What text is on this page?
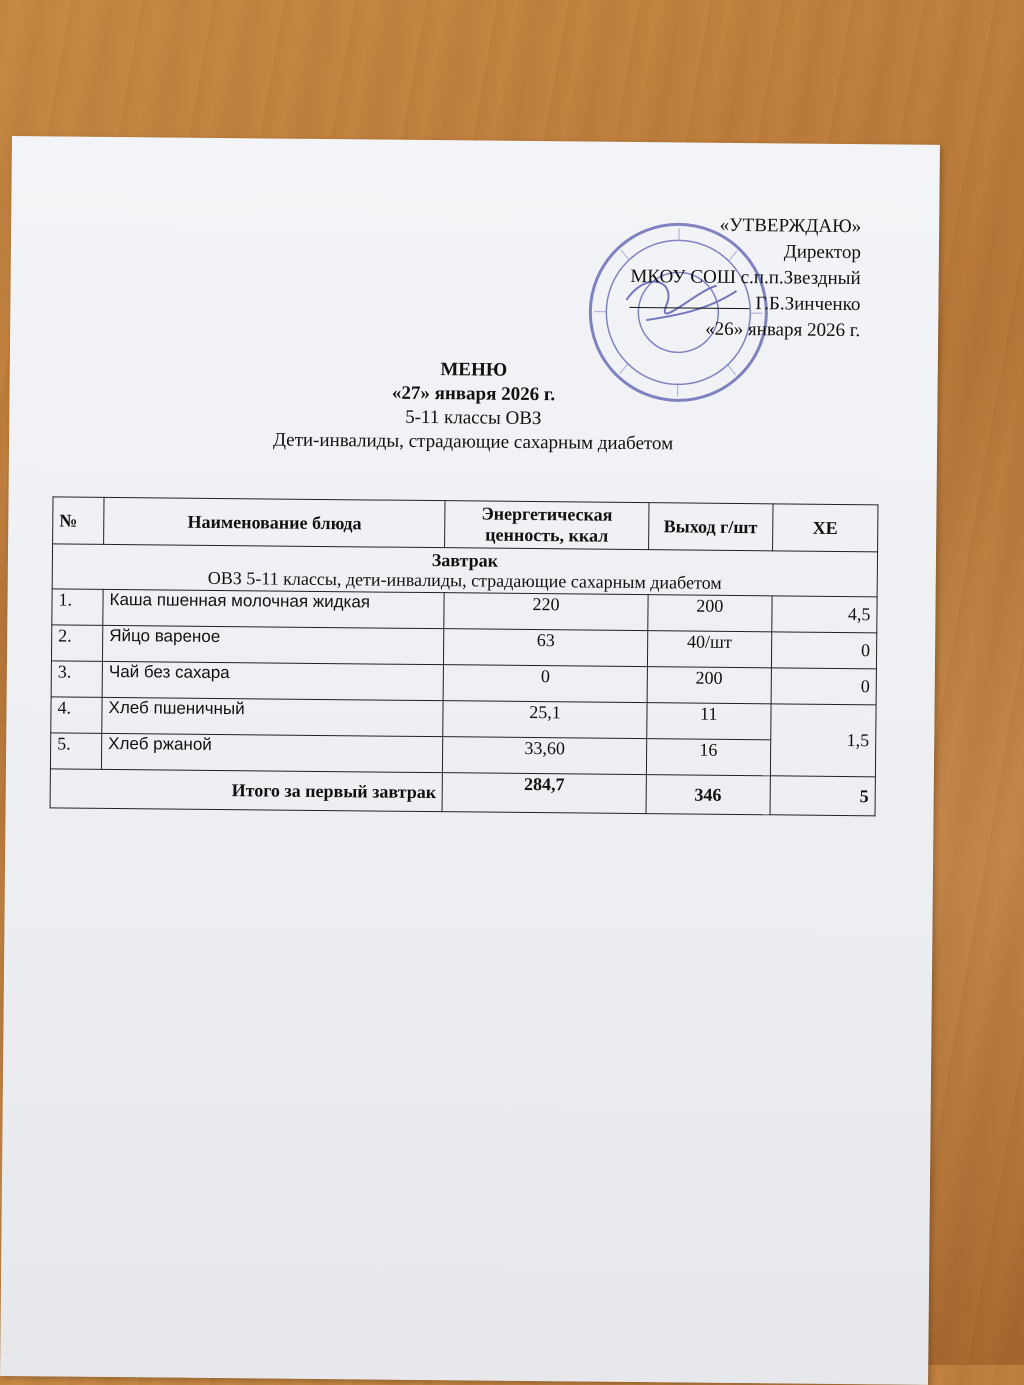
«УТВЕРЖДАЮ»
Директор
МКОУ СОШ с.п.п.Звездный
Г.Б.Зинченко
«26» января 2026 г.
МЕНЮ
«27» января 2026 г.
5-11 классы ОВЗ
Дети-инвалиды, страдающие сахарным диабетом
№	Наименование блюда	Энергетическая ценность, ккал	Выход г/шт	ХЕ

Завтрак
ОВЗ 5-11 классы, дети-инвалиды, страдающие сахарным диабетом				

1.	Каша пшенная молочная жидкая	220	200	4,5
2.	Яйцо вареное	63	40/шт	0
3.	Чай без сахара	0	200	0
4.	Хлеб пшеничный	25,1	11	1,5
5.	Хлеб ржаной	33,60	16	
Итого за первый завтрак		284,7	346	5
